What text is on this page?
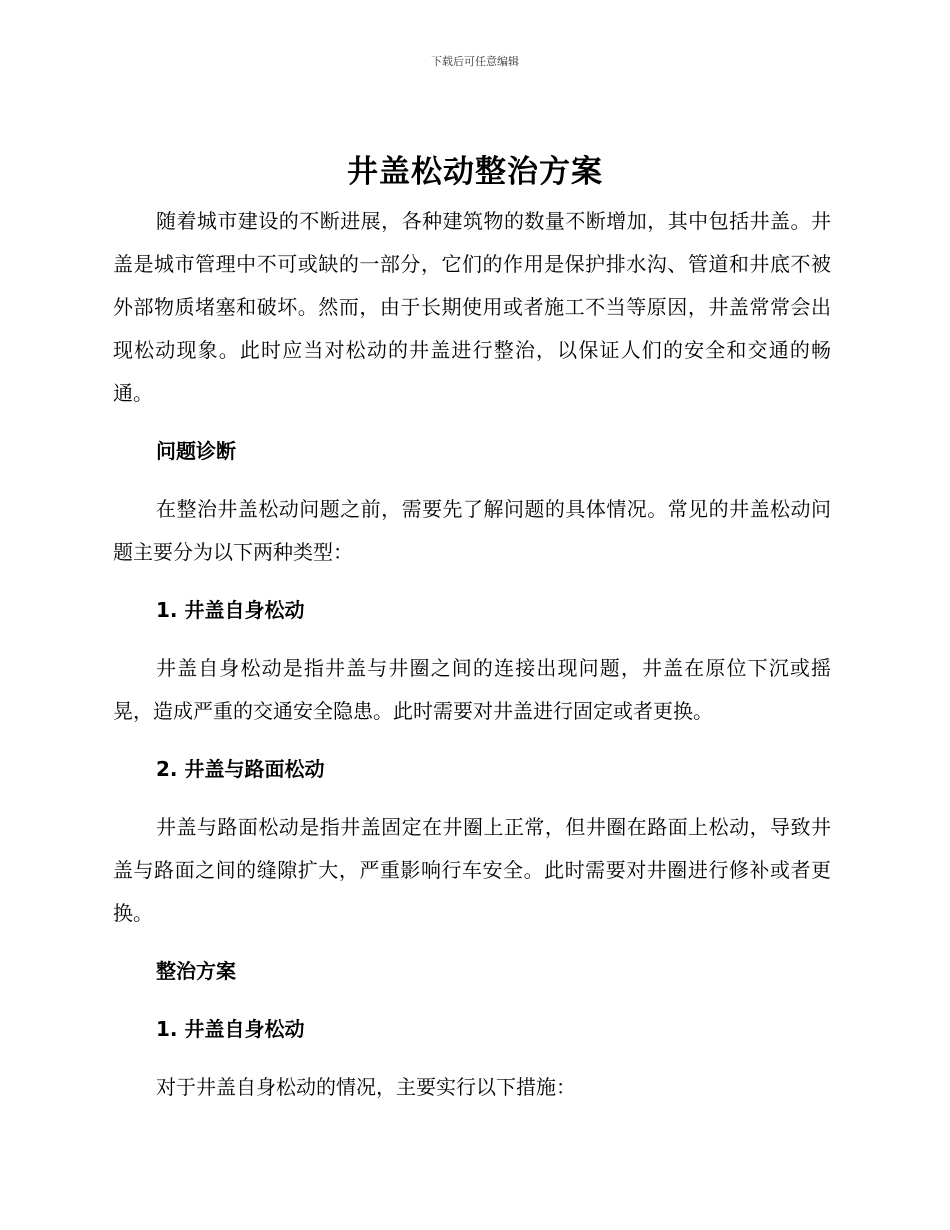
下载后可任意编辑
井盖松动整治方案

随着城市建设的不断进展，各种建筑物的数量不断增加，其中包括井盖。井盖是城市管理中不可或缺的一部分，它们的作用是保护排水沟、管道和井底不被外部物质堵塞和破坏。然而，由于长期使用或者施工不当等原因，井盖常常会出现松动现象。此时应当对松动的井盖进行整治，以保证人们的安全和交通的畅通。

问题诊断

在整治井盖松动问题之前，需要先了解问题的具体情况。常见的井盖松动问题主要分为以下两种类型：

1. 井盖自身松动

井盖自身松动是指井盖与井圈之间的连接出现问题，井盖在原位下沉或摇晃，造成严重的交通安全隐患。此时需要对井盖进行固定或者更换。

2. 井盖与路面松动

井盖与路面松动是指井盖固定在井圈上正常，但井圈在路面上松动，导致井盖与路面之间的缝隙扩大，严重影响行车安全。此时需要对井圈进行修补或者更换。

整治方案

1. 井盖自身松动

对于井盖自身松动的情况，主要实行以下措施：
